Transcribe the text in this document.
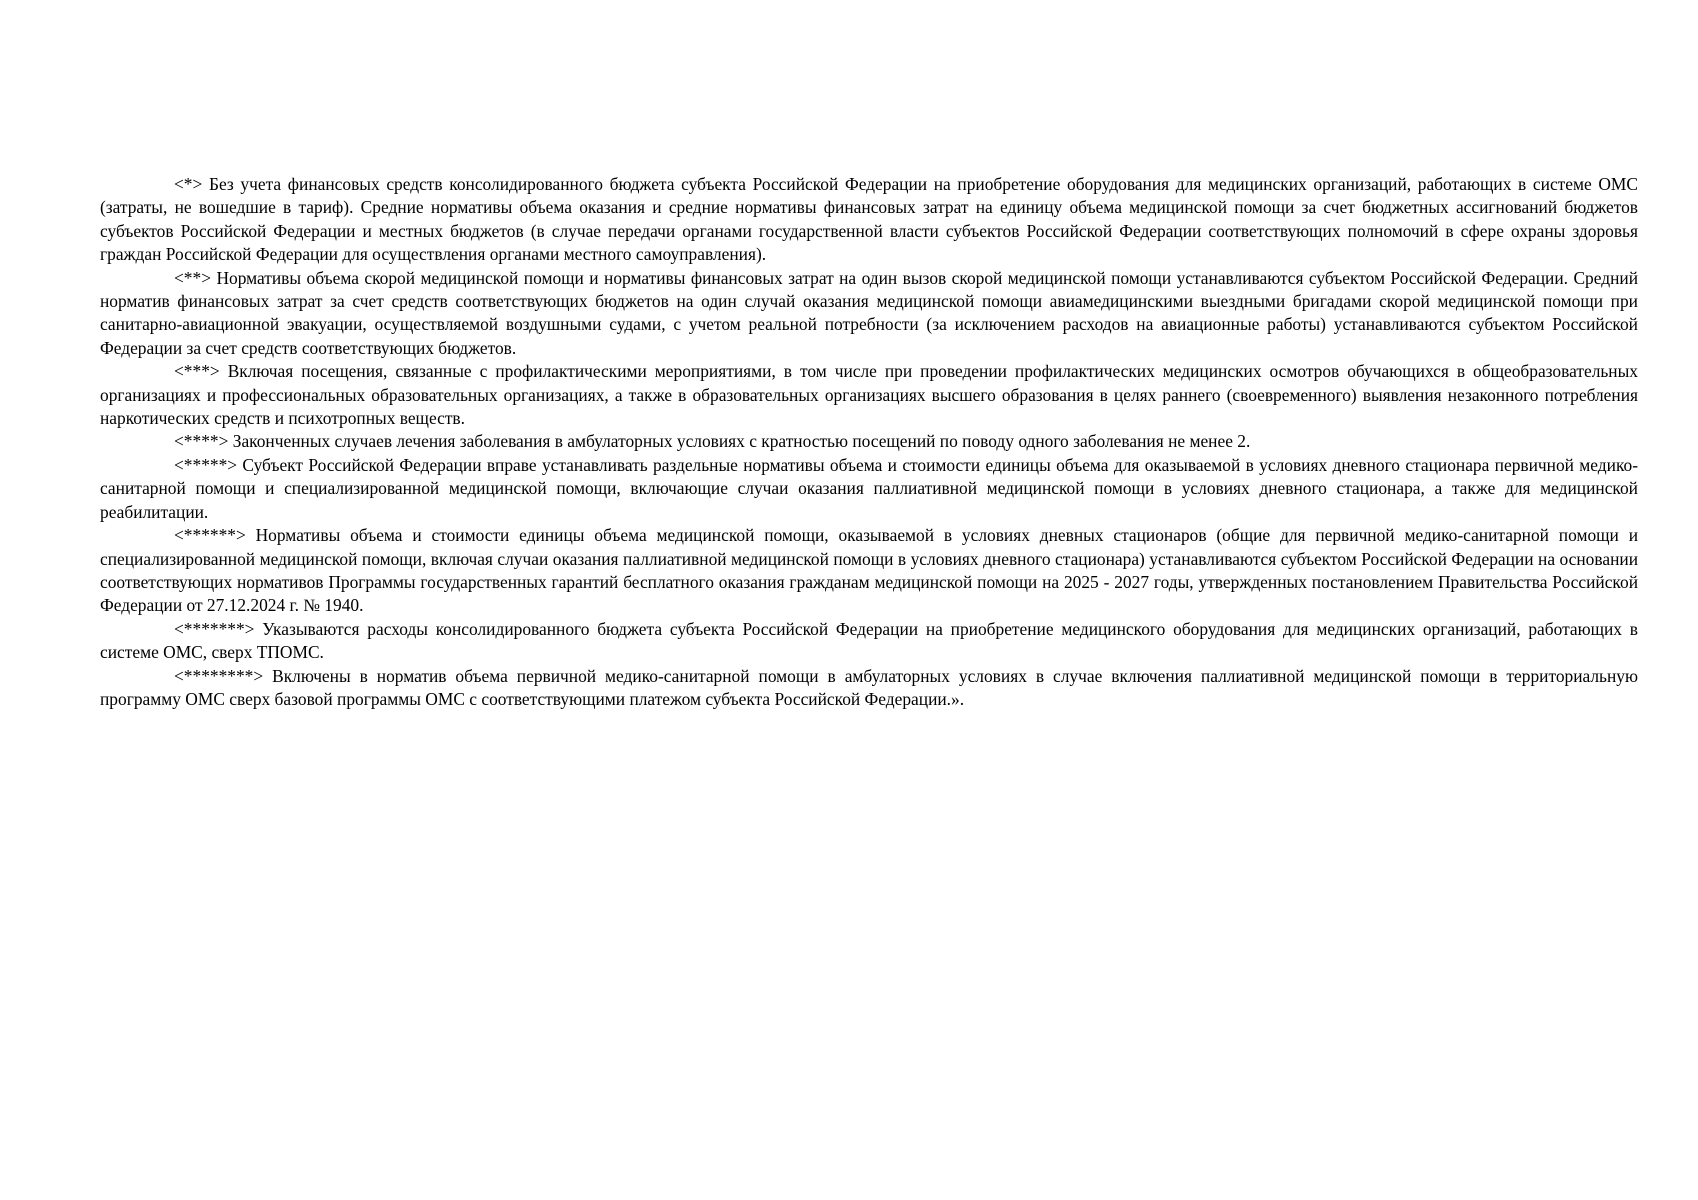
<*> Без учета финансовых средств консолидированного бюджета субъекта Российской Федерации на приобретение оборудования для медицинских организаций, работающих в системе ОМС (затраты, не вошедшие в тариф). Средние нормативы объема оказания и средние нормативы финансовых затрат на единицу объема медицинской помощи за счет бюджетных ассигнований бюджетов субъектов Российской Федерации и местных бюджетов (в случае передачи органами государственной власти субъектов Российской Федерации соответствующих полномочий в сфере охраны здоровья граждан Российской Федерации для осуществления органами местного самоуправления).

<**> Нормативы объема скорой медицинской помощи и нормативы финансовых затрат на один вызов скорой медицинской помощи устанавливаются субъектом Российской Федерации. Средний норматив финансовых затрат за счет средств соответствующих бюджетов на один случай оказания медицинской помощи авиамедицинскими выездными бригадами скорой медицинской помощи при санитарно-авиационной эвакуации, осуществляемой воздушными судами, с учетом реальной потребности (за исключением расходов на авиационные работы) устанавливаются субъектом Российской Федерации за счет средств соответствующих бюджетов.

<***> Включая посещения, связанные с профилактическими мероприятиями, в том числе при проведении профилактических медицинских осмотров обучающихся в общеобразовательных организациях и профессиональных образовательных организациях, а также в образовательных организациях высшего образования в целях раннего (своевременного) выявления незаконного потребления наркотических средств и психотропных веществ.

<****> Законченных случаев лечения заболевания в амбулаторных условиях с кратностью посещений по поводу одного заболевания не менее 2.

<*****> Субъект Российской Федерации вправе устанавливать раздельные нормативы объема и стоимости единицы объема для оказываемой в условиях дневного стационара первичной медико-санитарной помощи и специализированной медицинской помощи, включающие случаи оказания паллиативной медицинской помощи в условиях дневного стационара, а также для медицинской реабилитации.

<******> Нормативы объема и стоимости единицы объема медицинской помощи, оказываемой в условиях дневных стационаров (общие для первичной медико-санитарной помощи и специализированной медицинской помощи, включая случаи оказания паллиативной медицинской помощи в условиях дневного стационара) устанавливаются субъектом Российской Федерации на основании соответствующих нормативов Программы государственных гарантий бесплатного оказания гражданам медицинской помощи на 2025 - 2027 годы, утвержденных постановлением Правительства Российской Федерации от 27.12.2024 г. № 1940.

<*******> Указываются расходы консолидированного бюджета субъекта Российской Федерации на приобретение медицинского оборудования для медицинских организаций, работающих в системе ОМС, сверх ТПОМС.

<********> Включены в норматив объема первичной медико-санитарной помощи в амбулаторных условиях в случае включения паллиативной медицинской помощи в территориальную программу ОМС сверх базовой программы ОМС с соответствующими платежом субъекта Российской Федерации.».
